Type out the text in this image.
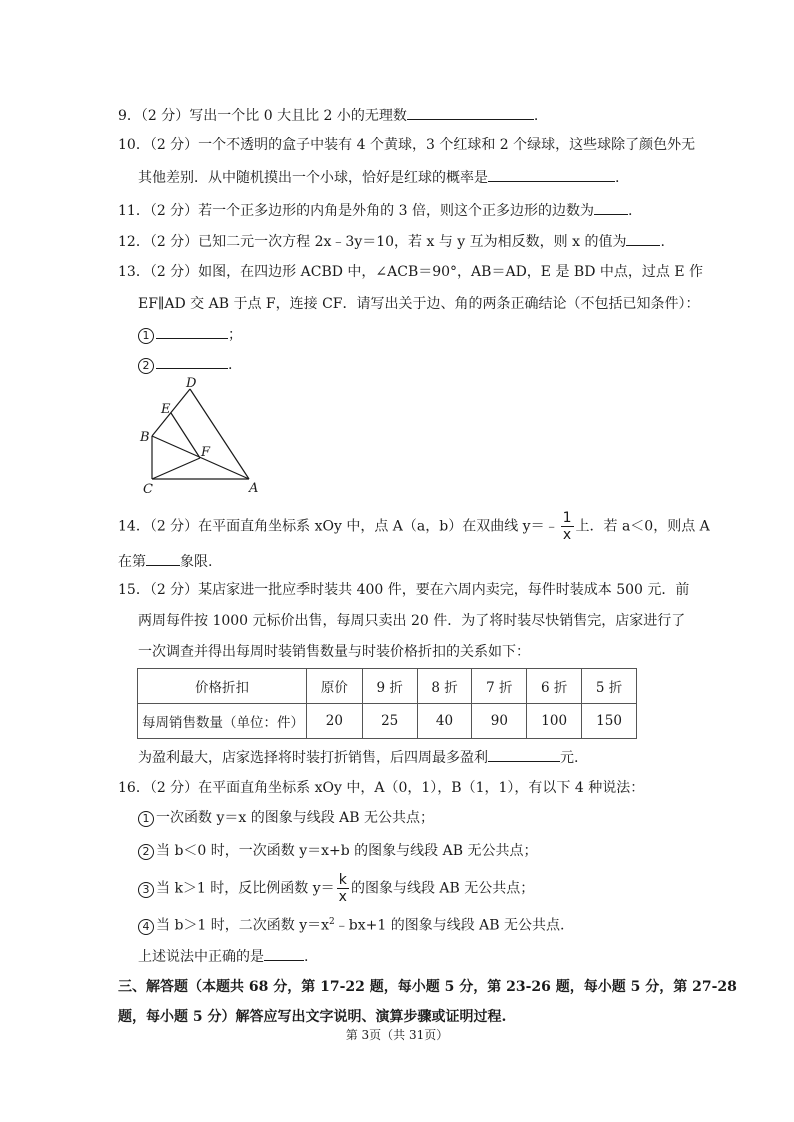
9．（2 分）写出一个比 0 大且比 2 小的无理数	.
10．（2 分）一个不透明的盒子中装有 4 个黄球，3 个红球和 2 个绿球，这些球除了颜色外无
其他差别．从中随机摸出一个小球，恰好是红球的概率是	.
11．（2 分）若一个正多边形的内角是外角的 3 倍，则这个正多边形的边数为 .
12．（2 分）已知二元一次方程 2x﹣3y＝10，若 x 与 y 互为相反数，则 x 的值为 .
13．（2 分）如图，在四边形 ACBD 中，∠ACB＝90°，AB＝AD，E 是 BD 中点，过点 E 作
EF∥AD 交 AB 于点 F，连接 CF．请写出关于边、角的两条正确结论（不包括已知条件）：
1	；
2	.
D
E
B
F
C	A
14．（2 分）在平面直角坐标系 xOy 中，点 A（a，b）在双曲线 y＝﹣ $\frac{1}{x}$ 上．若 a＜0，则点 A
在第 象限.
15．（2 分）某店家进一批应季时装共 400 件，要在六周内卖完，每件时装成本 500 元．前
两周每件按 1000 元标价出售，每周只卖出 20 件．为了将时装尽快销售完，店家进行了
一次调查并得出每周时装销售数量与时装价格折扣的关系如下：
价格折扣	原价	9 折	8 折	7 折	6 折	5 折
每周销售数量（单位：件）	20	25	40	90	100	150
为盈利最大，店家选择将时装打折销售，后四周最多盈利	元.
16．（2 分）在平面直角坐标系 xOy 中，A（0，1），B（1，1），有以下 4 种说法：
1 一次函数 y＝x 的图象与线段 AB 无公共点；
2 当 b＜0 时，一次函数 y＝x+b 的图象与线段 AB 无公共点；
3 当 k＞1 时，反比例函数 $y= \frac{k}{x}$ 的图象与线段 AB 无公共点；
4 当 b＞1 时，二次函数 $y=x^2﹣bx+1$ 的图象与线段 AB 无公共点.
上述说法中正确的是	.
三、解答题（本题共 68 分，第 17-22 题，每小题 5 分，第 23-26 题，每小题 5 分，第 27-28
题，每小题 5 分）解答应写出文字说明、演算步骤或证明过程.
第 3页（共 31页）
